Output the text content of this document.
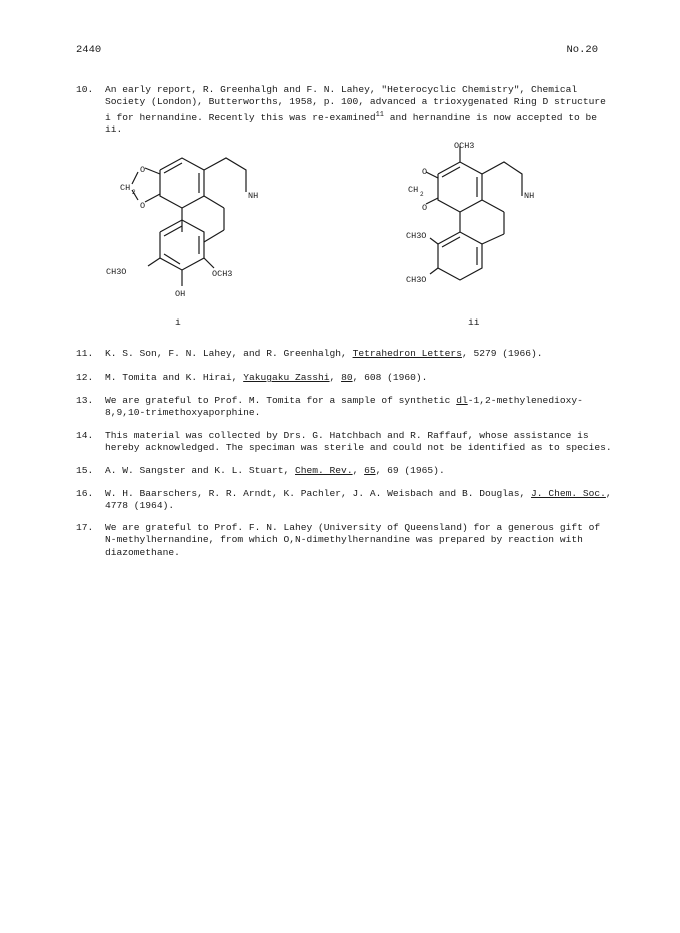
2440	No.20
10.	An early report, R. Greenhalgh and F. N. Lahey, "Heterocyclic Chemistry", Chemical Society (London), Butterworths, 1958, p. 100, advanced a trioxygenated Ring D structure i for hernandine. Recently this was re-examined$^{11}$ and hernandine is now accepted to be ii.
O
CH 2
O
NH
CH3O	OCH3
OH
i
OCH3
O
CH 2
O
NH
CH3O
CH3O
ii
11.	K. S. Son, F. N. Lahey, and R. Greenhalgh, Tetrahedron Letters, 5279 (1966).
12.	M. Tomita and K. Hirai, Yakugaku Zasshi, 80, 608 (1960).
13.	We are grateful to Prof. M. Tomita for a sample of synthetic dl-1,2-methylenedioxy-8,9,10-trimethoxyaporphine.
14.	This material was collected by Drs. G. Hatchbach and R. Raffauf, whose assistance is hereby acknowledged. The speciman was sterile and could not be identified as to species.
15.	A. W. Sangster and K. L. Stuart, Chem. Rev., 65, 69 (1965).
16.	W. H. Baarschers, R. R. Arndt, K. Pachler, J. A. Weisbach and B. Douglas, J. Chem. Soc., 4778 (1964).
17.	We are grateful to Prof. F. N. Lahey (University of Queensland) for a generous gift of N-methylhernandine, from which O,N-dimethylhernandine was prepared by reaction with diazomethane.
